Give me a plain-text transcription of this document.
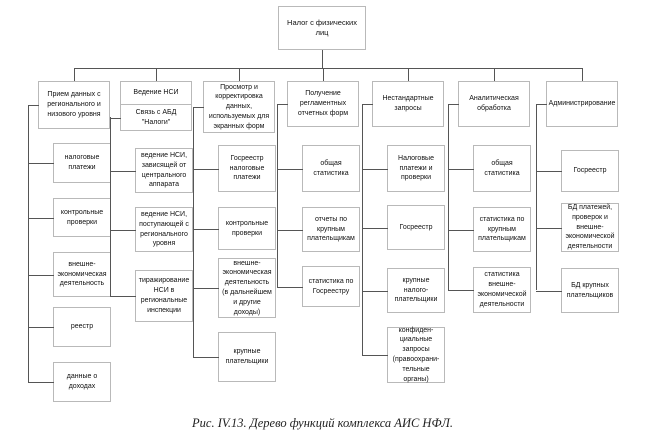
Налог с физических лиц
Прием данных с регионального и низового уровня
налоговые платежи
контрольные проверки
внешне-экономическая деятельность
реестр
данные о доходах
Ведение НСИ
Связь с АБД "Налоги"
ведение НСИ, зависящей от центрального аппарата
ведение НСИ, поступающей с регионального уровня
тиражирование НСИ в региональные инспекции
Просмотр и корректировка данных, используемых для экранных форм
Госреестр налоговые платежи
контрольные проверки
внешне-экономическая деятельность (в дальнейшем и другие доходы)
крупные плательщики
Получение регламентных отчетных форм
общая статистика
отчеты по крупным плательщикам
статистика по Госреестру
Нестандартные запросы
Налоговые платежи и проверки
Госреестр
крупные налого-плательщики
конфиден-циальные запросы (правоохрани-тельные органы)
Аналитическая обработка
общая статистика
статистика по крупным плательщикам
статистика внешне-экономической деятельности
Администрирование
Госреестр
БД платежей, проверок и внешне-экономической деятельности
БД крупных плательщиков
Рис. IV.13. Дерево функций комплекса АИС НФЛ.
